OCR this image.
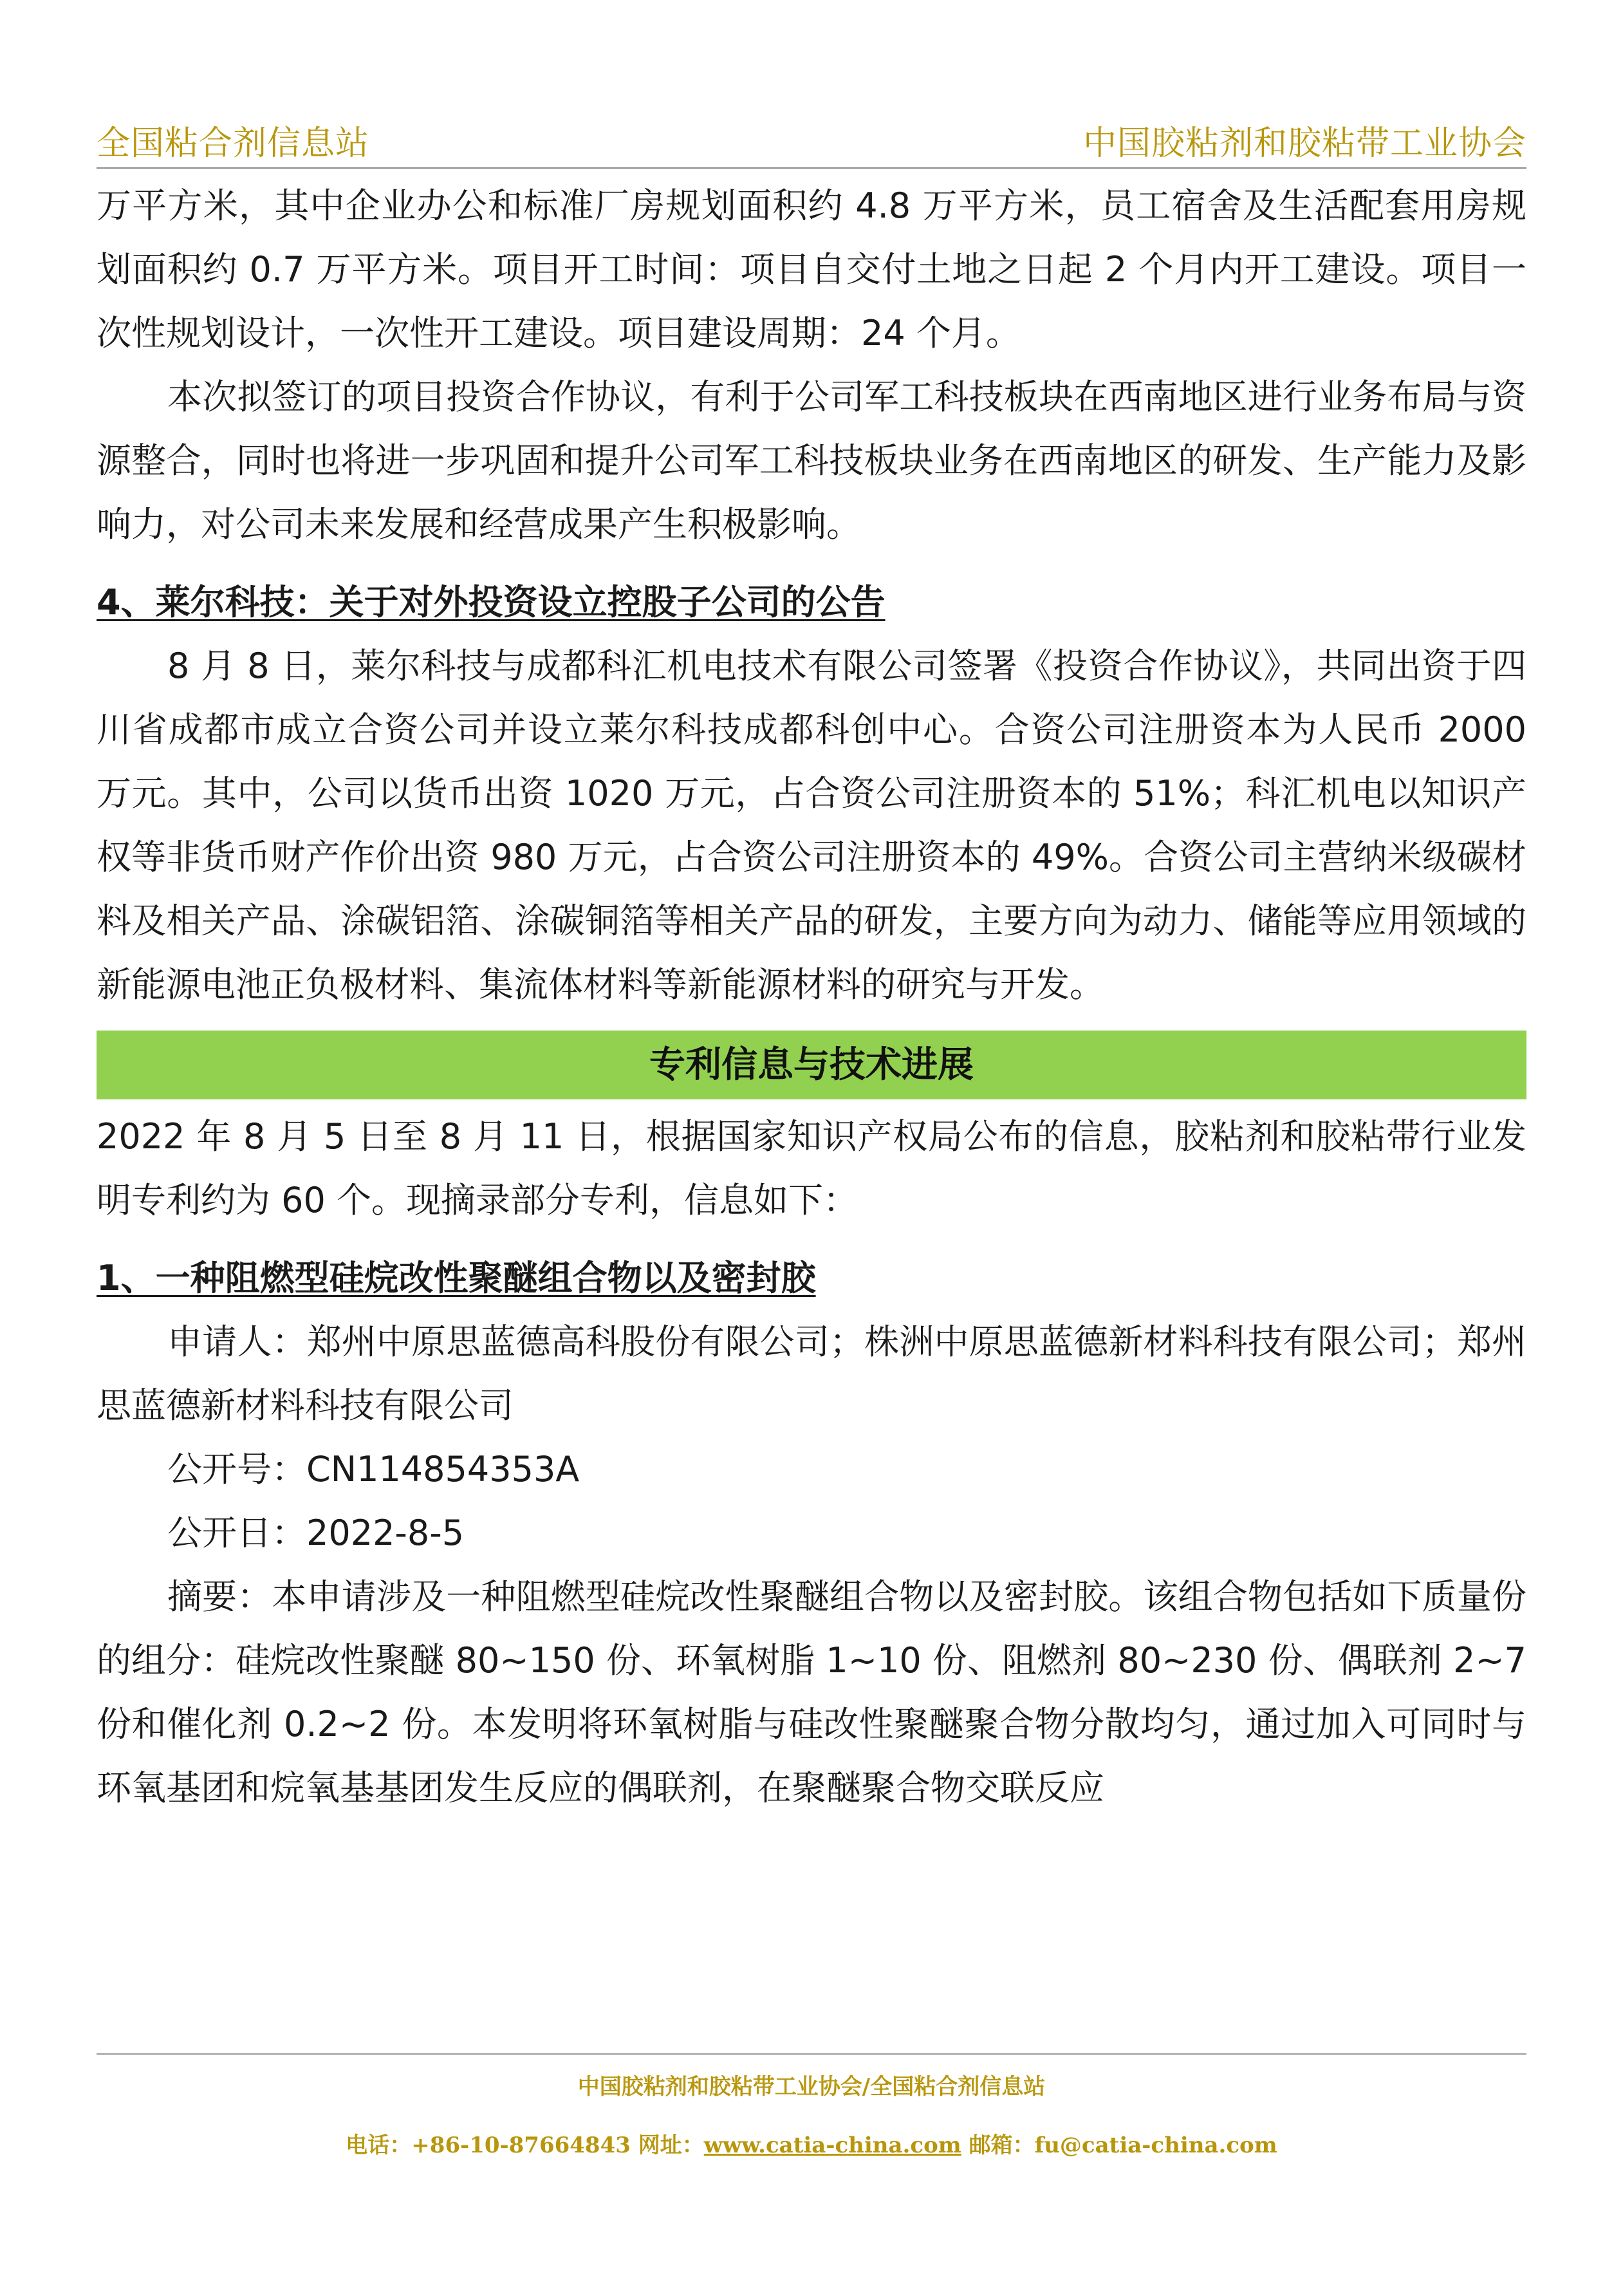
全国粘合剂信息站	中国胶粘剂和胶粘带工业协会

万平方米，其中企业办公和标准厂房规划面积约 4.8 万平方米，员工宿舍及生活配套用房规划面积约 0.7 万平方米。项目开工时间：项目自交付土地之日起 2 个月内开工建设。项目一次性规划设计，一次性开工建设。项目建设周期：24 个月。

本次拟签订的项目投资合作协议，有利于公司军工科技板块在西南地区进行业务布局与资源整合，同时也将进一步巩固和提升公司军工科技板块业务在西南地区的研发、生产能力及影响力，对公司未来发展和经营成果产生积极影响。

4、莱尔科技：关于对外投资设立控股子公司的公告

8 月 8 日，莱尔科技与成都科汇机电技术有限公司签署《投资合作协议》，共同出资于四川省成都市成立合资公司并设立莱尔科技成都科创中心。合资公司注册资本为人民币 2000 万元。其中，公司以货币出资 1020 万元，占合资公司注册资本的 51%；科汇机电以知识产权等非货币财产作价出资 980 万元，占合资公司注册资本的 49%。合资公司主营纳米级碳材料及相关产品、涂碳铝箔、涂碳铜箔等相关产品的研发，主要方向为动力、储能等应用领域的新能源电池正负极材料、集流体材料等新能源材料的研究与开发。

专利信息与技术进展

2022 年 8 月 5 日至 8 月 11 日，根据国家知识产权局公布的信息，胶粘剂和胶粘带行业发明专利约为 60 个。现摘录部分专利，信息如下：

1、一种阻燃型硅烷改性聚醚组合物以及密封胶

申请人：郑州中原思蓝德高科股份有限公司；株洲中原思蓝德新材料科技有限公司；郑州思蓝德新材料科技有限公司

公开号：CN114854353A

公开日：2022-8-5

摘要：本申请涉及一种阻燃型硅烷改性聚醚组合物以及密封胶。该组合物包括如下质量份的组分：硅烷改性聚醚 80~150 份、环氧树脂 1~10 份、阻燃剂 80~230 份、偶联剂 2~7 份和催化剂 0.2~2 份。本发明将环氧树脂与硅改性聚醚聚合物分散均匀，通过加入可同时与环氧基团和烷氧基基团发生反应的偶联剂，在聚醚聚合物交联反应

中国胶粘剂和胶粘带工业协会/全国粘合剂信息站
电话：+86-10-87664843 网址：www.catia-china.com 邮箱：fu@catia-china.com
